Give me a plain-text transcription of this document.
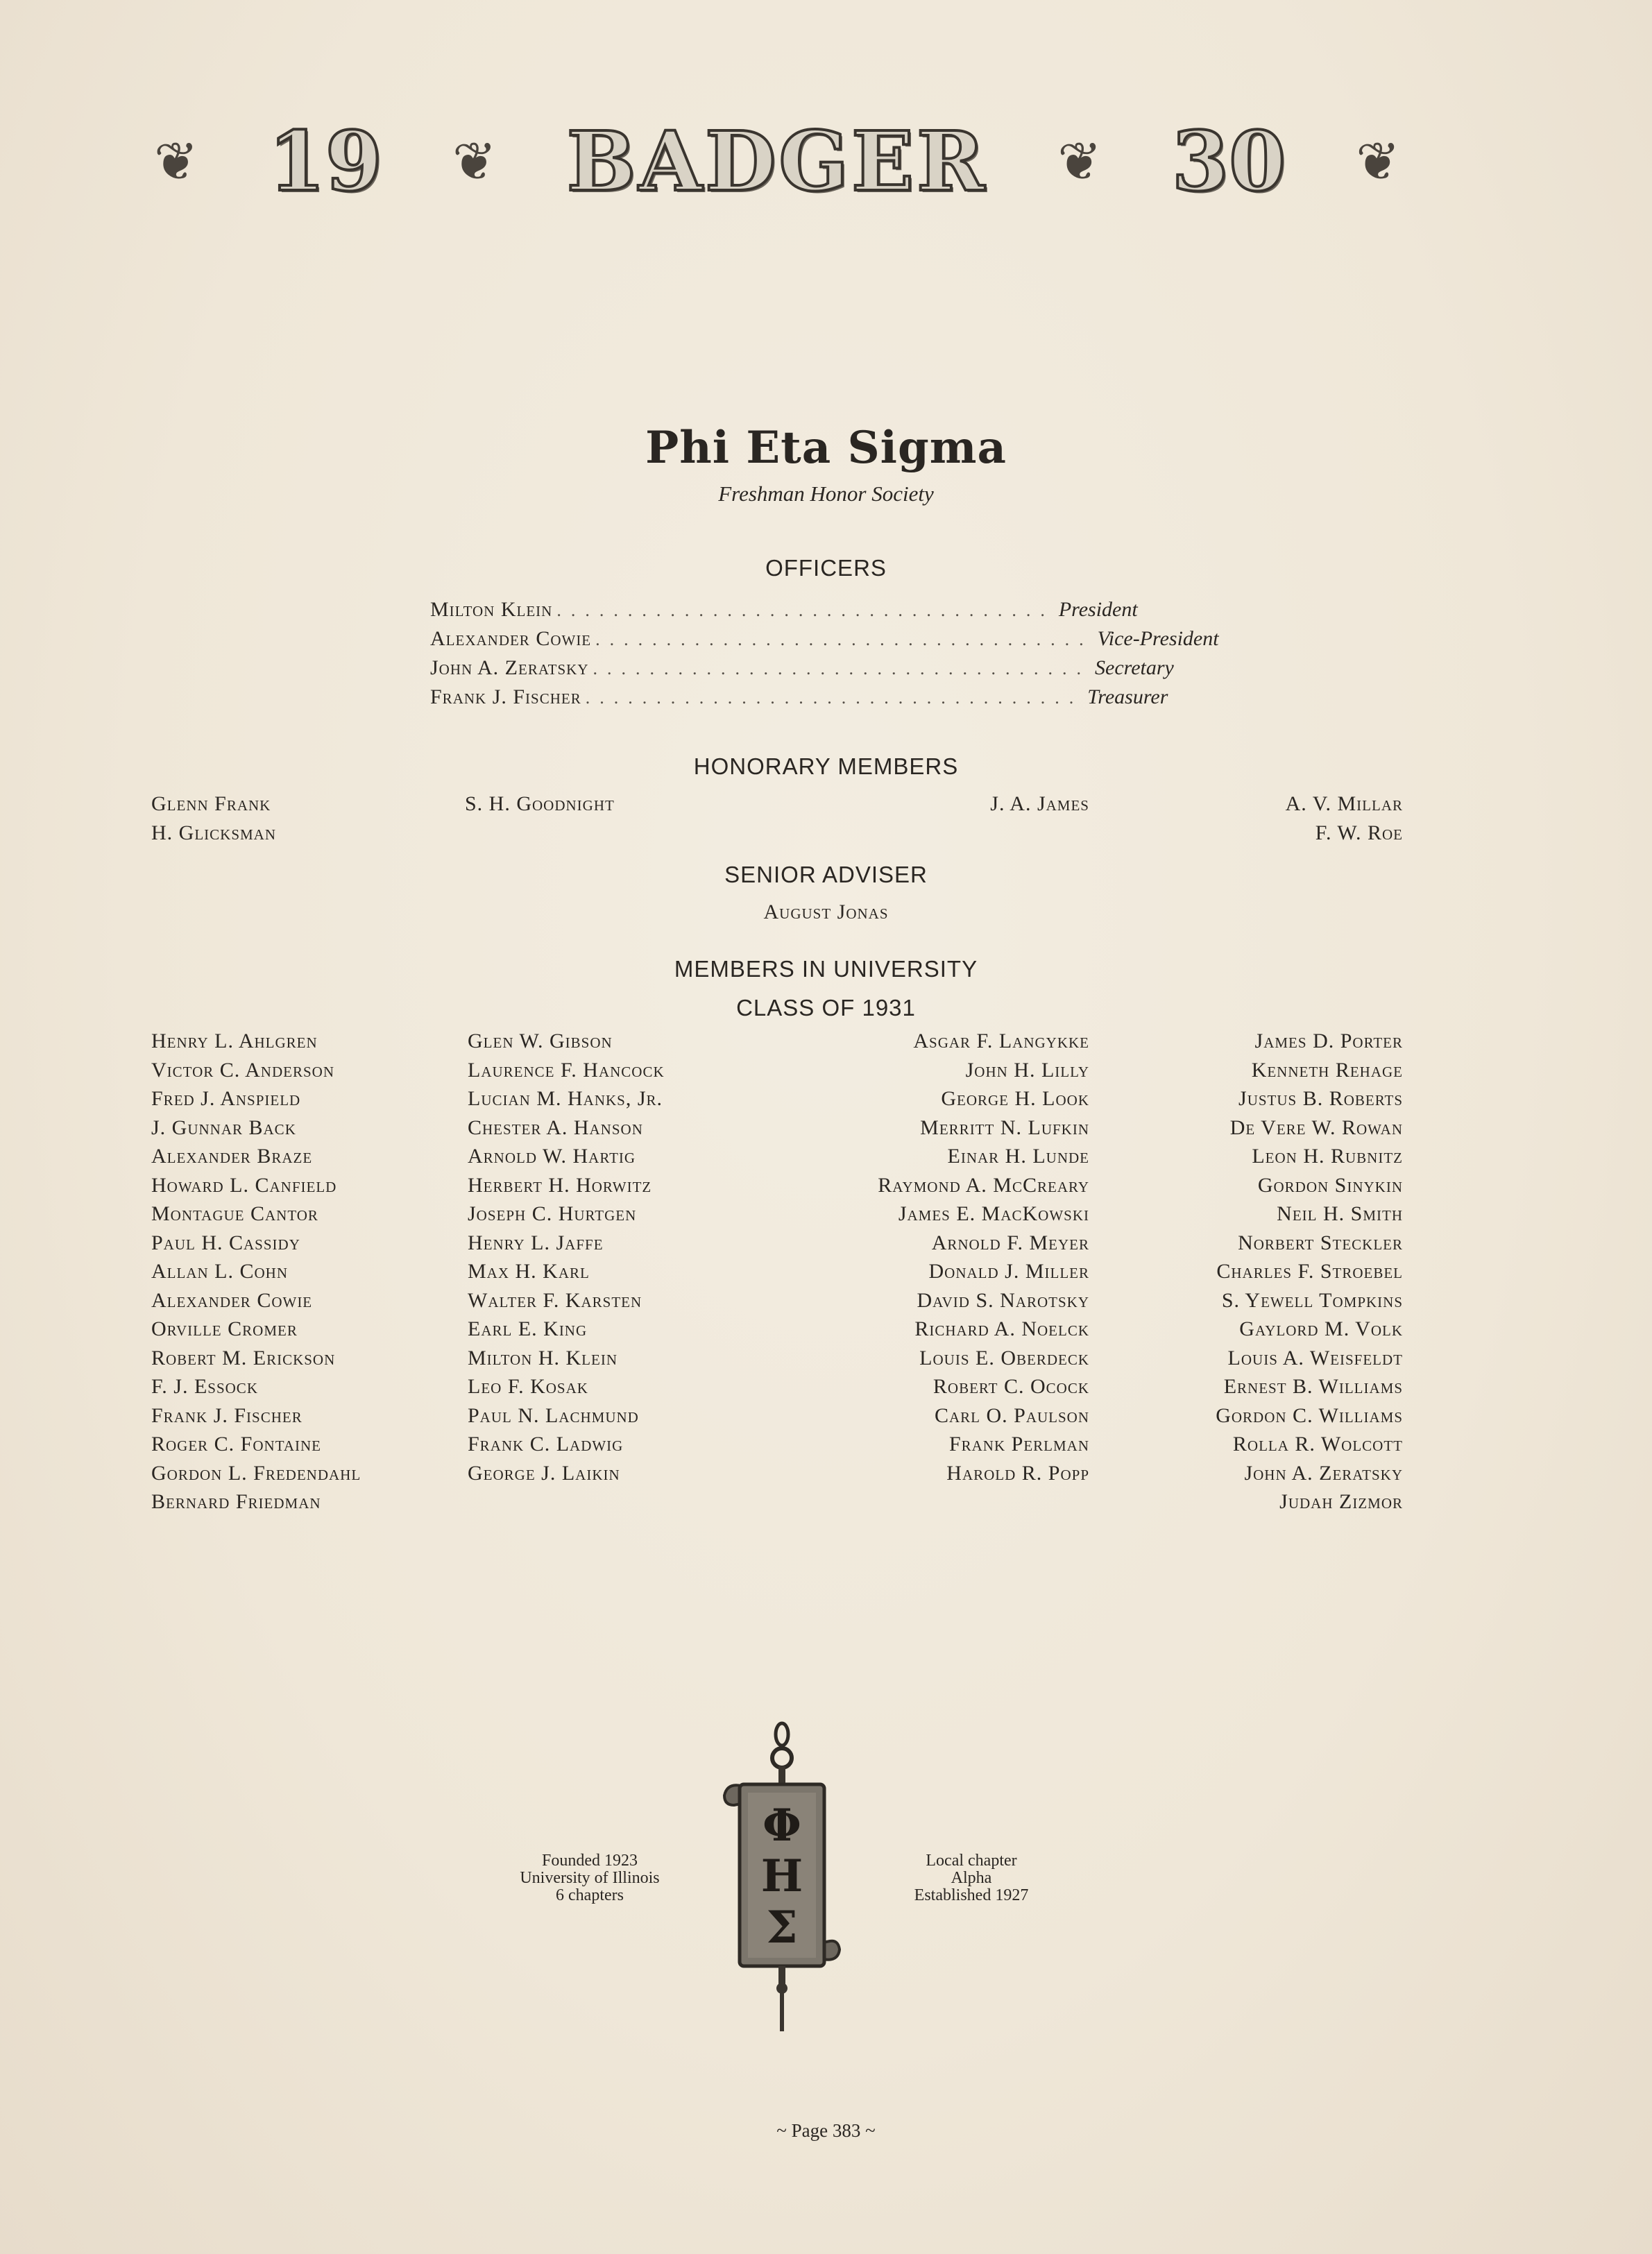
❦ 19 ❦ BADGER ❦ 30 ❦
Phi Eta Sigma
Freshman Honor Society
OFFICERS
Milton Klein ................................... President
Alexander Cowie ................................... Vice-President
John A. Zeratsky ................................... Secretary
Frank J. Fischer ................................... Treasurer
HONORARY MEMBERS
Glenn Frank
H. Glicksman
S. H. Goodnight	J. A. James	A. V. Millar
F. W. Roe
SENIOR ADVISER
August Jonas
MEMBERS IN UNIVERSITY
CLASS OF 1931
Henry L. Ahlgren
Victor C. Anderson
Fred J. Anspield
J. Gunnar Back
Alexander Braze
Howard L. Canfield
Montague Cantor
Paul H. Cassidy
Allan L. Cohn
Alexander Cowie
Orville Cromer
Robert M. Erickson
F. J. Essock
Frank J. Fischer
Roger C. Fontaine
Gordon L. Fredendahl
Bernard Friedman
Glen W. Gibson
Laurence F. Hancock
Lucian M. Hanks, Jr.
Chester A. Hanson
Arnold W. Hartig
Herbert H. Horwitz
Joseph C. Hurtgen
Henry L. Jaffe
Max H. Karl
Walter F. Karsten
Earl E. King
Milton H. Klein
Leo F. Kosak
Paul N. Lachmund
Frank C. Ladwig
George J. Laikin
Asgar F. Langykke
John H. Lilly
George H. Look
Merritt N. Lufkin
Einar H. Lunde
Raymond A. McCreary
James E. MacKowski
Arnold F. Meyer
Donald J. Miller
David S. Narotsky
Richard A. Noelck
Louis E. Oberdeck
Robert C. Ocock
Carl O. Paulson
Frank Perlman
Harold R. Popp
James D. Porter
Kenneth Rehage
Justus B. Roberts
De Vere W. Rowan
Leon H. Rubnitz
Gordon Sinykin
Neil H. Smith
Norbert Steckler
Charles F. Stroebel
S. Yewell Tompkins
Gaylord M. Volk
Louis A. Weisfeldt
Ernest B. Williams
Gordon C. Williams
Rolla R. Wolcott
John A. Zeratsky
Judah Zizmor
Founded 1923
University of Illinois
6 chapters
Local chapter
Alpha
Established 1927
Φ
Η
Σ
~ Page 383 ~
